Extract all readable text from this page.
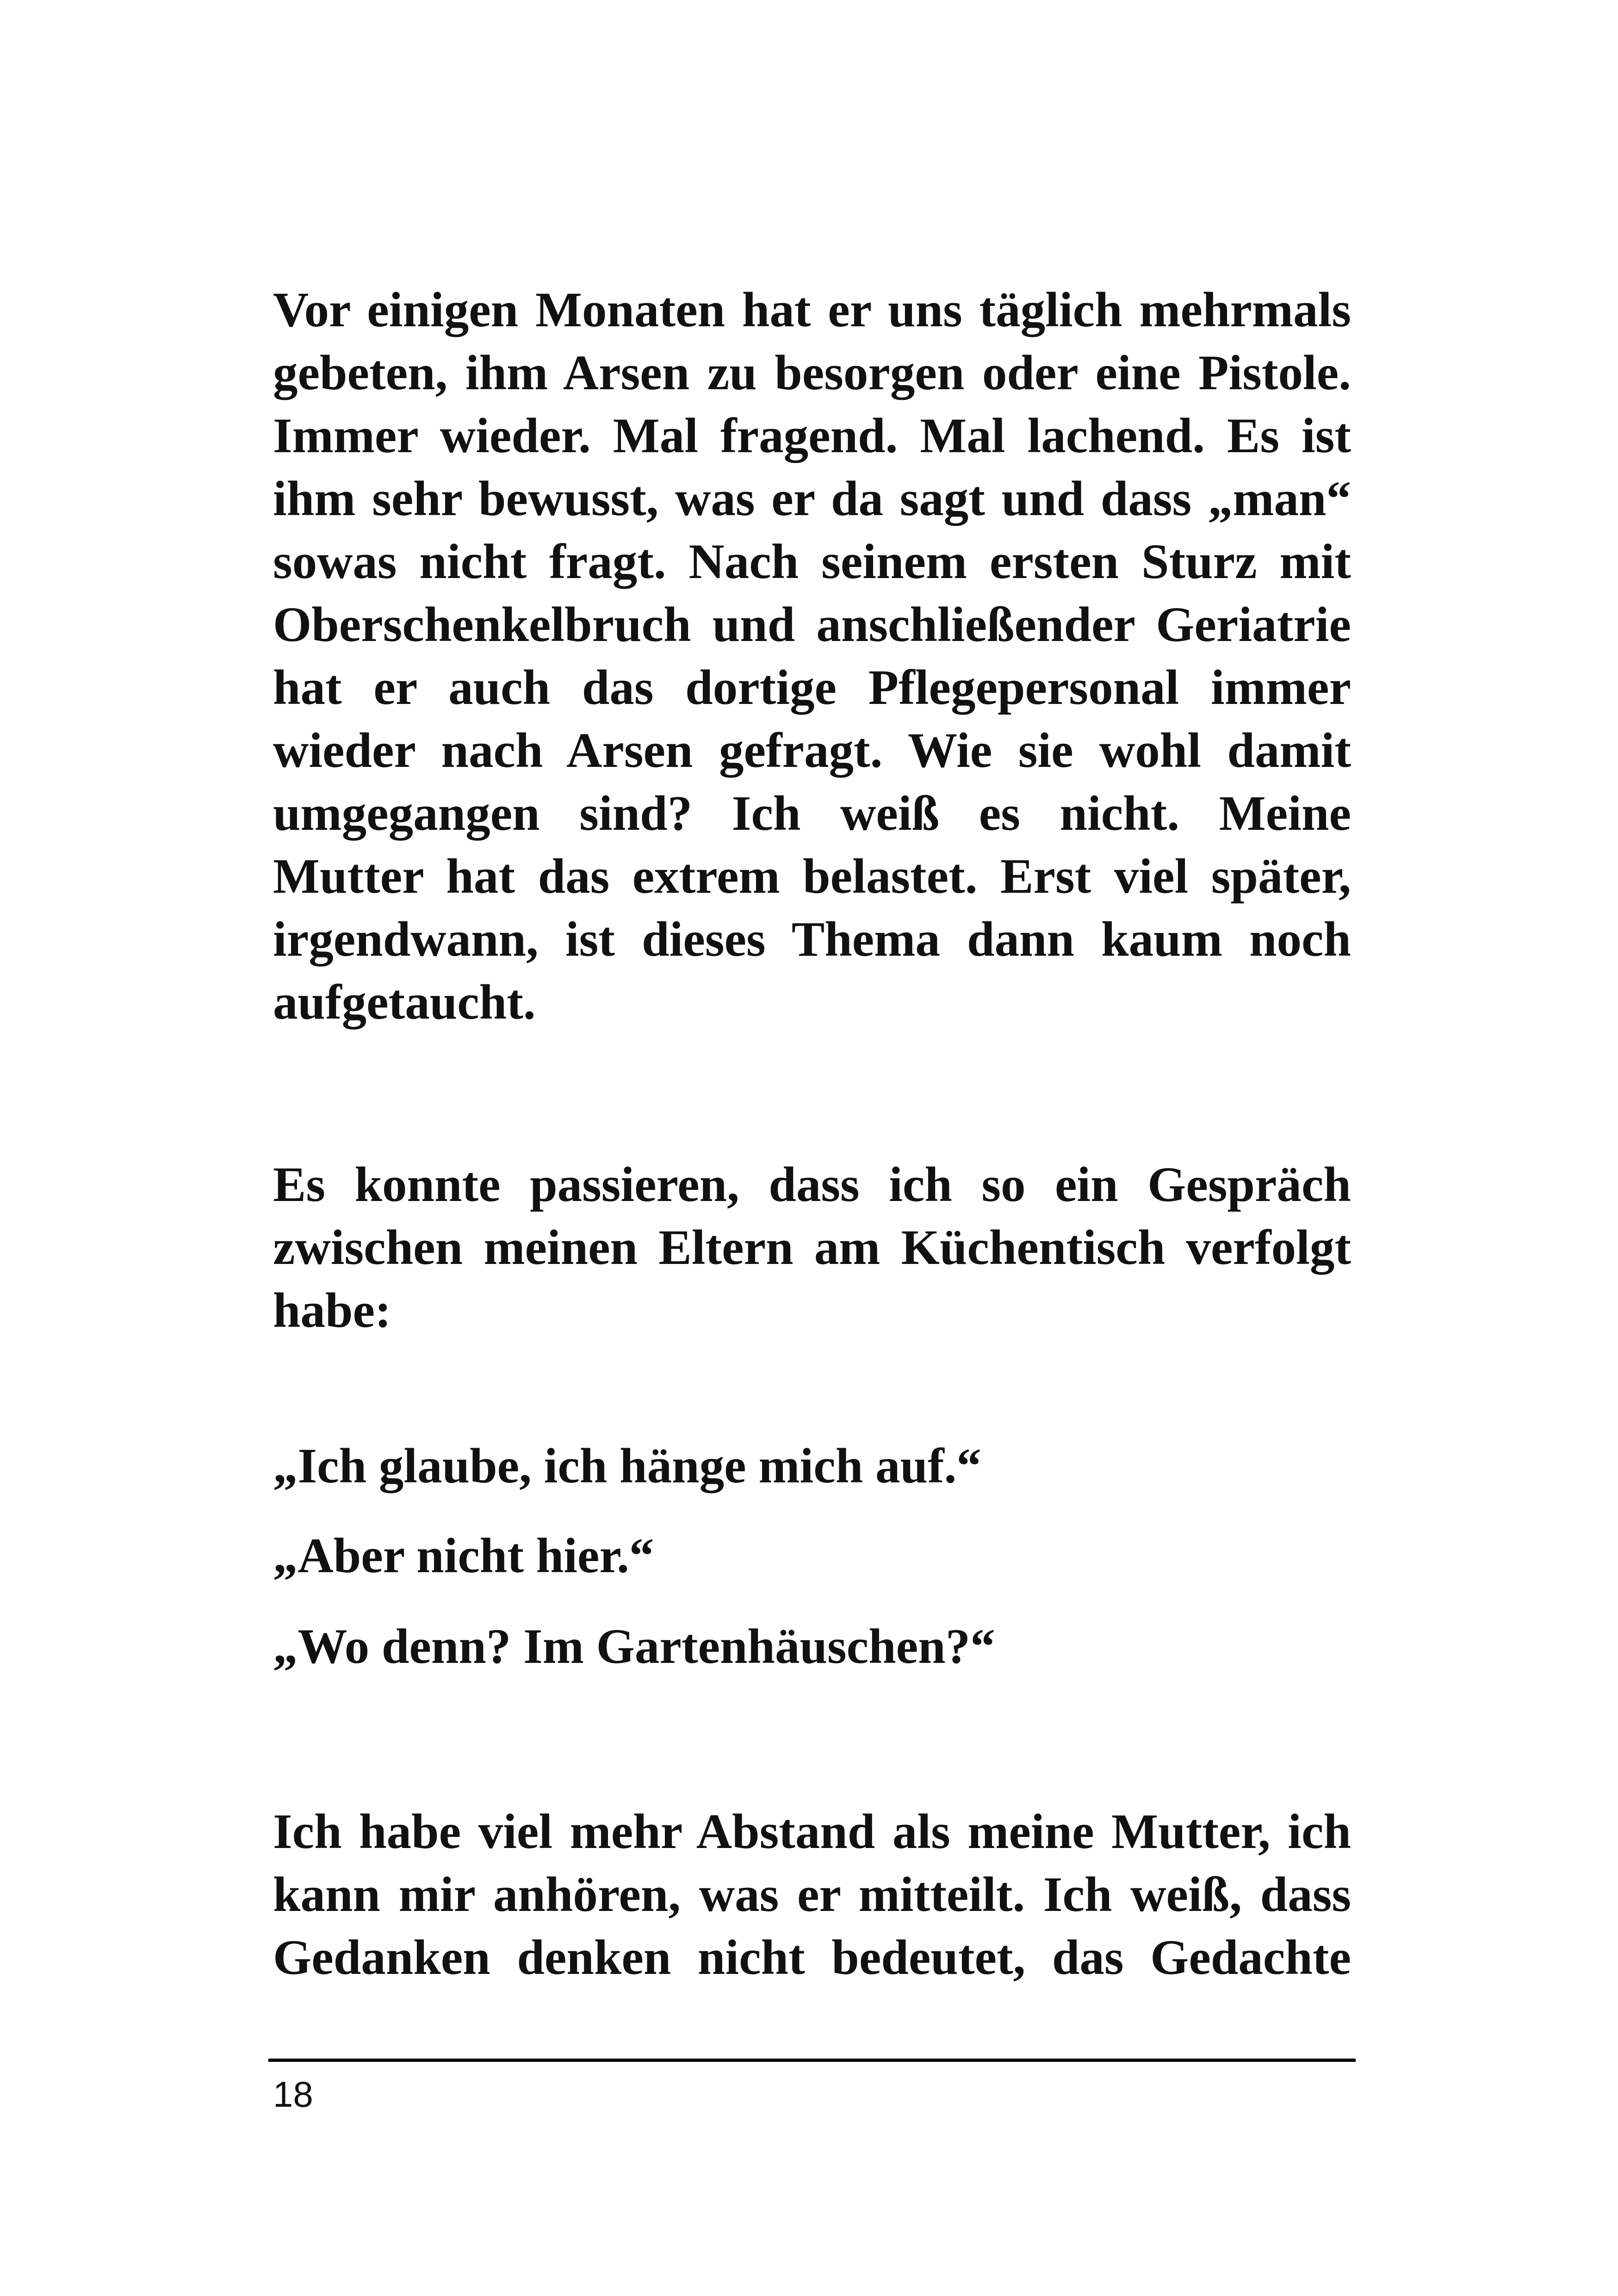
Vor einigen Monaten hat er uns täglich mehrmals gebeten, ihm Arsen zu besorgen oder eine Pistole. Immer wieder. Mal fragend. Mal lachend. Es ist ihm sehr bewusst, was er da sagt und dass „man“ sowas nicht fragt. Nach seinem ersten Sturz mit Oberschenkelbruch und anschließender Geriatrie hat er auch das dortige Pflegepersonal immer wieder nach Arsen gefragt. Wie sie wohl damit umgegangen sind? Ich weiß es nicht. Meine Mutter hat das extrem belastet. Erst viel später, irgendwann, ist dieses Thema dann kaum noch aufgetaucht.

Es konnte passieren, dass ich so ein Gespräch zwischen meinen Eltern am Küchentisch verfolgt habe:

„Ich glaube, ich hänge mich auf.“

„Aber nicht hier.“

„Wo denn? Im Gartenhäuschen?“

Ich habe viel mehr Abstand als meine Mutter, ich kann mir anhören, was er mitteilt. Ich weiß, dass Gedanken denken nicht bedeutet, das Gedachte

18
